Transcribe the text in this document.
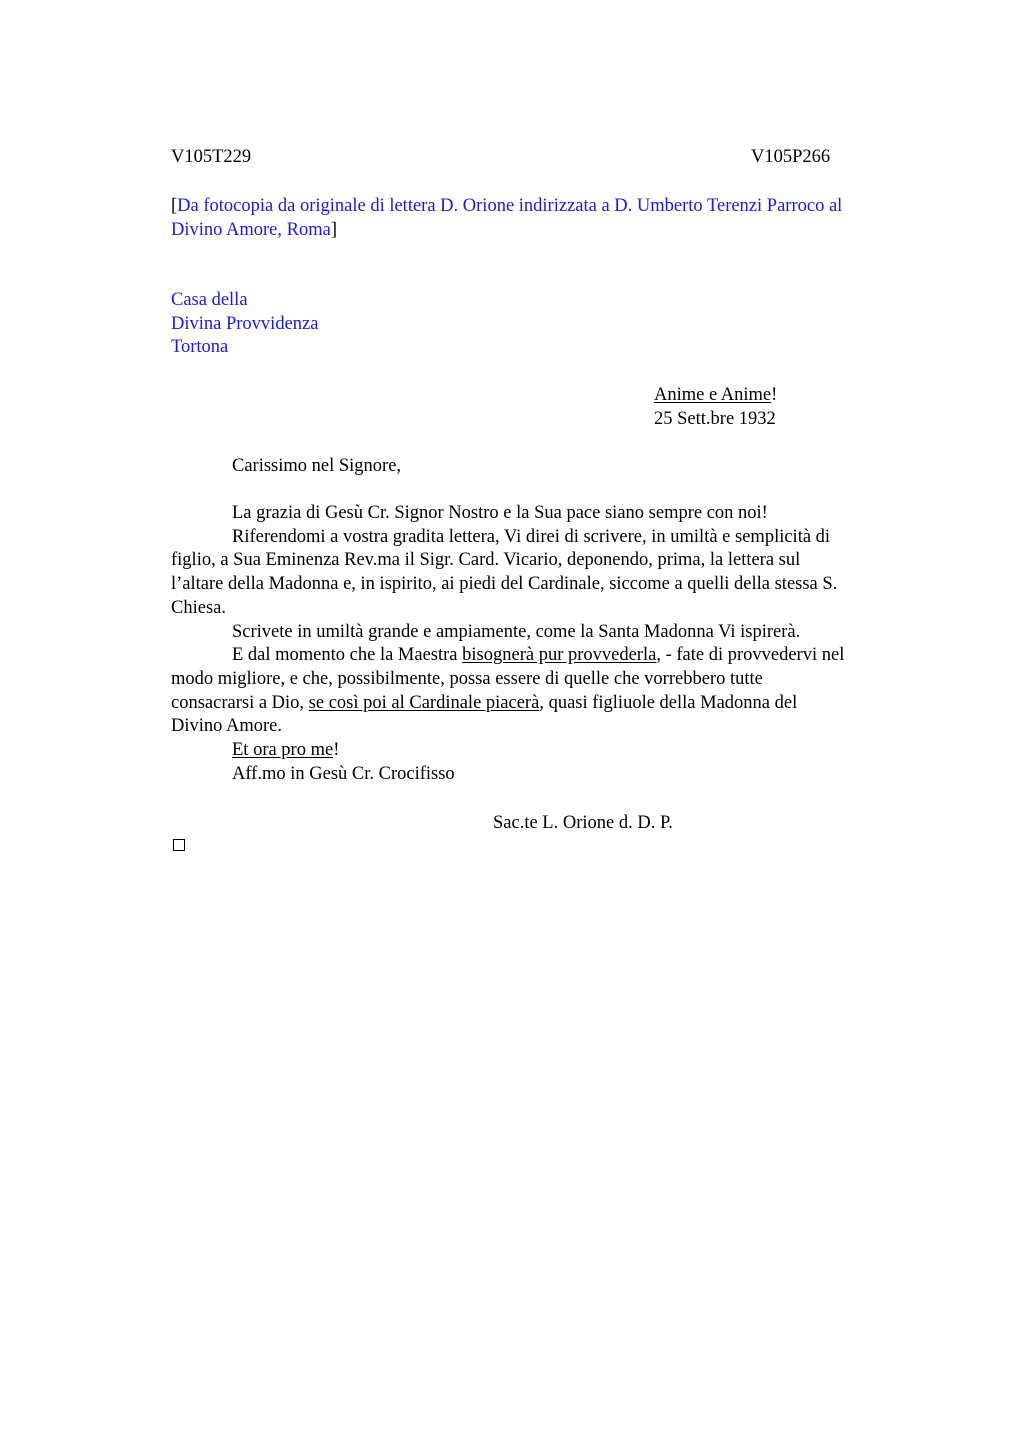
V105T229	V105P266
[Da fotocopia da originale di lettera D. Orione indirizzata a D. Umberto Terenzi Parroco al
Divino Amore, Roma]
Casa della
Divina Provvidenza
Tortona
Anime e Anime!
25 Sett.bre 1932
Carissimo nel Signore,
La grazia di Gesù Cr. Signor Nostro e la Sua pace siano sempre con noi!
Riferendomi a vostra gradita lettera, Vi direi di scrivere, in umiltà e semplicità di
figlio, a Sua Eminenza Rev.ma il Sigr. Card. Vicario, deponendo, prima, la lettera sul
l’altare della Madonna e, in ispirito, ai piedi del Cardinale, siccome a quelli della stessa S.
Chiesa.
Scrivete in umiltà grande e ampiamente, come la Santa Madonna Vi ispirerà.
E dal momento che la Maestra bisognerà pur provvederla, - fate di provvedervi nel
modo migliore, e che, possibilmente, possa essere di quelle che vorrebbero tutte
consacrarsi a Dio, se così poi al Cardinale piacerà, quasi figliuole della Madonna del
Divino Amore.
Et ora pro me!
Aff.mo in Gesù Cr. Crocifisso
Sac.te L. Orione d. D. P.
